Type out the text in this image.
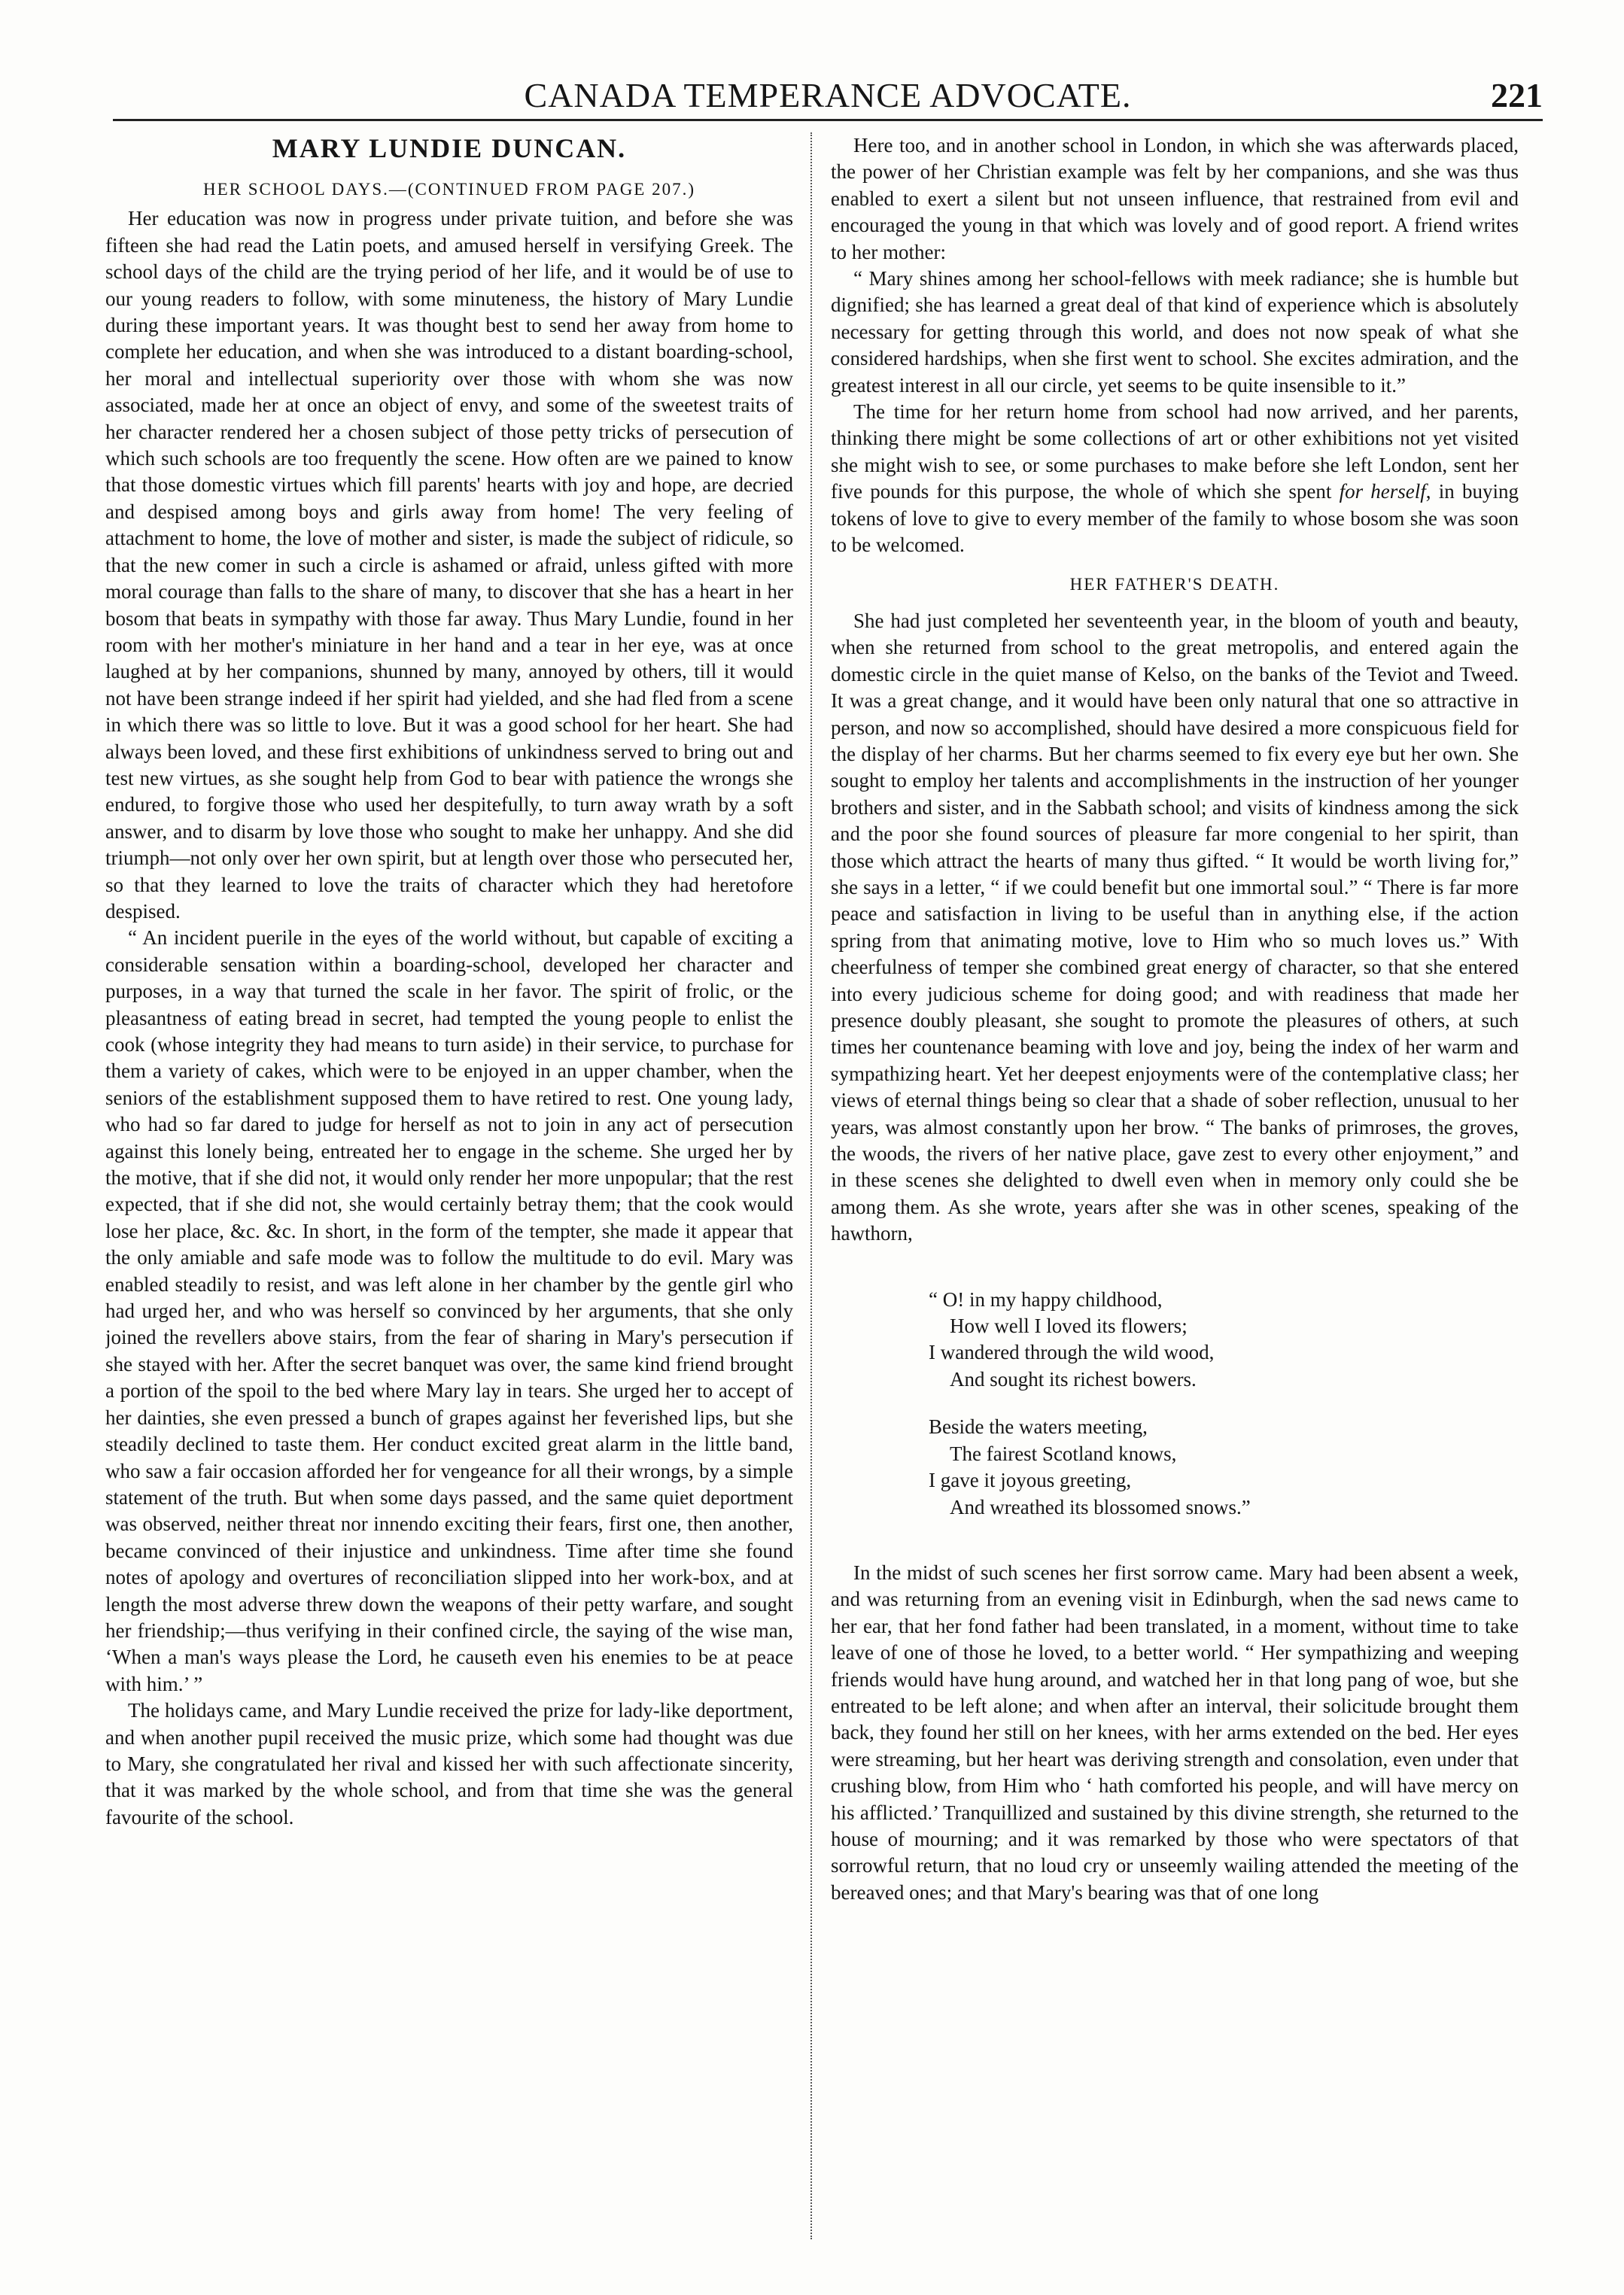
CANADA TEMPERANCE ADVOCATE.	221
MARY LUNDIE DUNCAN.
HER SCHOOL DAYS.—(CONTINUED FROM PAGE 207.)

Her education was now in progress under private tuition, and before she was fifteen she had read the Latin poets, and amused herself in versifying Greek. The school days of the child are the trying period of her life, and it would be of use to our young readers to follow, with some minuteness, the history of Mary Lundie during these important years. It was thought best to send her away from home to complete her education, and when she was introduced to a distant boarding-school, her moral and intellectual superiority over those with whom she was now associated, made her at once an object of envy, and some of the sweetest traits of her character rendered her a chosen subject of those petty tricks of persecution of which such schools are too frequently the scene. How often are we pained to know that those domestic virtues which fill parents' hearts with joy and hope, are decried and despised among boys and girls away from home! The very feeling of attachment to home, the love of mother and sister, is made the subject of ridicule, so that the new comer in such a circle is ashamed or afraid, unless gifted with more moral courage than falls to the share of many, to discover that she has a heart in her bosom that beats in sympathy with those far away. Thus Mary Lundie, found in her room with her mother's miniature in her hand and a tear in her eye, was at once laughed at by her companions, shunned by many, annoyed by others, till it would not have been strange indeed if her spirit had yielded, and she had fled from a scene in which there was so little to love. But it was a good school for her heart. She had always been loved, and these first exhibitions of unkindness served to bring out and test new virtues, as she sought help from God to bear with patience the wrongs she endured, to forgive those who used her despitefully, to turn away wrath by a soft answer, and to disarm by love those who sought to make her unhappy. And she did triumph—not only over her own spirit, but at length over those who persecuted her, so that they learned to love the traits of character which they had heretofore despised.

“ An incident puerile in the eyes of the world without, but capable of exciting a considerable sensation within a boarding-school, developed her character and purposes, in a way that turned the scale in her favor. The spirit of frolic, or the pleasantness of eating bread in secret, had tempted the young people to enlist the cook (whose integrity they had means to turn aside) in their service, to purchase for them a variety of cakes, which were to be enjoyed in an upper chamber, when the seniors of the establishment supposed them to have retired to rest. One young lady, who had so far dared to judge for herself as not to join in any act of persecution against this lonely being, entreated her to engage in the scheme. She urged her by the motive, that if she did not, it would only render her more unpopular; that the rest expected, that if she did not, she would certainly betray them; that the cook would lose her place, &c. &c. In short, in the form of the tempter, she made it appear that the only amiable and safe mode was to follow the multitude to do evil. Mary was enabled steadily to resist, and was left alone in her chamber by the gentle girl who had urged her, and who was herself so convinced by her arguments, that she only joined the revellers above stairs, from the fear of sharing in Mary's persecution if she stayed with her. After the secret banquet was over, the same kind friend brought a portion of the spoil to the bed where Mary lay in tears. She urged her to accept of her dainties, she even pressed a bunch of grapes against her feverished lips, but she steadily declined to taste them. Her conduct excited great alarm in the little band, who saw a fair occasion afforded her for vengeance for all their wrongs, by a simple statement of the truth. But when some days passed, and the same quiet deportment was observed, neither threat nor innendo exciting their fears, first one, then another, became convinced of their injustice and unkindness. Time after time she found notes of apology and overtures of reconciliation slipped into her work-box, and at length the most adverse threw down the weapons of their petty warfare, and sought her friendship;—thus verifying in their confined circle, the saying of the wise man, ‘When a man's ways please the Lord, he causeth even his enemies to be at peace with him.’ ”

The holidays came, and Mary Lundie received the prize for lady-like deportment, and when another pupil received the music prize, which some had thought was due to Mary, she congratulated her rival and kissed her with such affectionate sincerity, that it was marked by the whole school, and from that time she was the general favourite of the school.

Here too, and in another school in London, in which she was afterwards placed, the power of her Christian example was felt by her companions, and she was thus enabled to exert a silent but not unseen influence, that restrained from evil and encouraged the young in that which was lovely and of good report. A friend writes to her mother:

“ Mary shines among her school-fellows with meek radiance; she is humble but dignified; she has learned a great deal of that kind of experience which is absolutely necessary for getting through this world, and does not now speak of what she considered hardships, when she first went to school. She excites admiration, and the greatest interest in all our circle, yet seems to be quite insensible to it.”

The time for her return home from school had now arrived, and her parents, thinking there might be some collections of art or other exhibitions not yet visited she might wish to see, or some purchases to make before she left London, sent her five pounds for this purpose, the whole of which she spent for herself, in buying tokens of love to give to every member of the family to whose bosom she was soon to be welcomed.

HER FATHER'S DEATH.

She had just completed her seventeenth year, in the bloom of youth and beauty, when she returned from school to the great metropolis, and entered again the domestic circle in the quiet manse of Kelso, on the banks of the Teviot and Tweed. It was a great change, and it would have been only natural that one so attractive in person, and now so accomplished, should have desired a more conspicuous field for the display of her charms. But her charms seemed to fix every eye but her own. She sought to employ her talents and accomplishments in the instruction of her younger brothers and sister, and in the Sabbath school; and visits of kindness among the sick and the poor she found sources of pleasure far more congenial to her spirit, than those which attract the hearts of many thus gifted. “ It would be worth living for,” she says in a letter, “ if we could benefit but one immortal soul.” “ There is far more peace and satisfaction in living to be useful than in anything else, if the action spring from that animating motive, love to Him who so much loves us.” With cheerfulness of temper she combined great energy of character, so that she entered into every judicious scheme for doing good; and with readiness that made her presence doubly pleasant, she sought to promote the pleasures of others, at such times her countenance beaming with love and joy, being the index of her warm and sympathizing heart. Yet her deepest enjoyments were of the contemplative class; her views of eternal things being so clear that a shade of sober reflection, unusual to her years, was almost constantly upon her brow. “ The banks of primroses, the groves, the woods, the rivers of her native place, gave zest to every other enjoyment,” and in these scenes she delighted to dwell even when in memory only could she be among them. As she wrote, years after she was in other scenes, speaking of the hawthorn,

“ O! in my happy childhood,
How well I loved its flowers;
I wandered through the wild wood,
And sought its richest bowers.
Beside the waters meeting,
The fairest Scotland knows,
I gave it joyous greeting,
And wreathed its blossomed snows.”

In the midst of such scenes her first sorrow came. Mary had been absent a week, and was returning from an evening visit in Edinburgh, when the sad news came to her ear, that her fond father had been translated, in a moment, without time to take leave of one of those he loved, to a better world. “ Her sympathizing and weeping friends would have hung around, and watched her in that long pang of woe, but she entreated to be left alone; and when after an interval, their solicitude brought them back, they found her still on her knees, with her arms extended on the bed. Her eyes were streaming, but her heart was deriving strength and consolation, even under that crushing blow, from Him who ‘ hath comforted his people, and will have mercy on his afflicted.’ Tranquillized and sustained by this divine strength, she returned to the house of mourning; and it was remarked by those who were spectators of that sorrowful return, that no loud cry or unseemly wailing attended the meeting of the bereaved ones; and that Mary's bearing was that of one long
